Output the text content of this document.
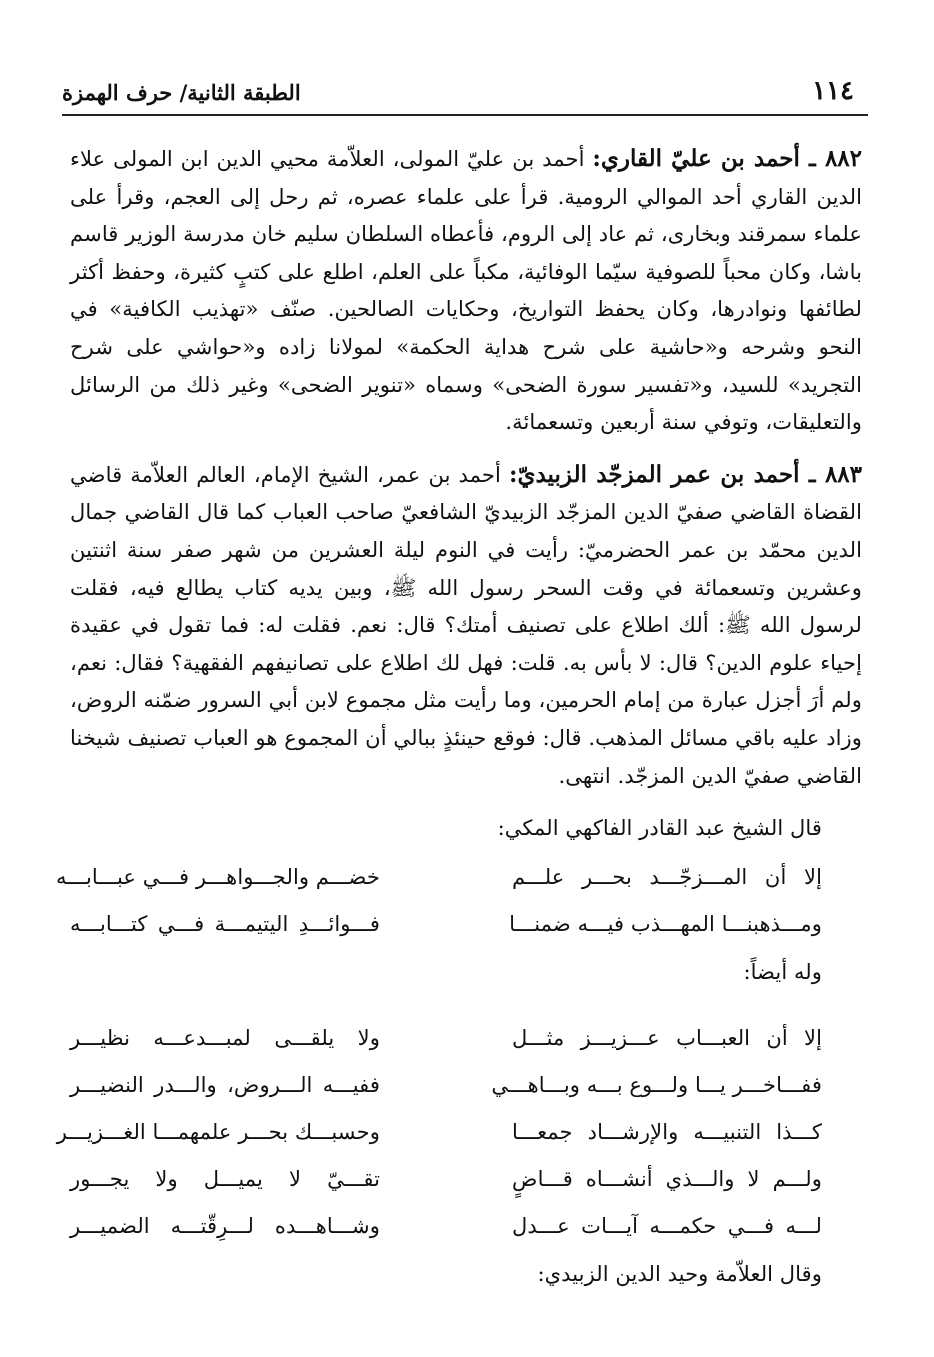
١١٤
الطبقة الثانية/ حرف الهمزة

٨٨٢ ـ أحمد بن عليّ القاري: أحمد بن عليّ المولى، العلاّمة محيي الدين ابن المولى علاء الدين القاري أحد الموالي الرومية. قرأ على علماء عصره، ثم رحل إلى العجم، وقرأ على علماء سمرقند وبخارى، ثم عاد إلى الروم، فأعطاه السلطان سليم خان مدرسة الوزير قاسم باشا، وكان محباً للصوفية سيّما الوفائية، مكباً على العلم، اطلع على كتبٍ كثيرة، وحفظ أكثر لطائفها ونوادرها، وكان يحفظ التواريخ، وحكايات الصالحين. صنّف «تهذيب الكافية» في النحو وشرحه و«حاشية على شرح هداية الحكمة» لمولانا زاده و«حواشي على شرح التجريد» للسيد، و«تفسير سورة الضحى» وسماه «تنوير الضحى» وغير ذلك من الرسائل والتعليقات، وتوفي سنة أربعين وتسعمائة.

٨٨٣ ـ أحمد بن عمر المزجّد الزبيديّ: أحمد بن عمر، الشيخ الإمام، العالم العلاّمة قاضي القضاة القاضي صفيّ الدين المزجّد الزبيديّ الشافعيّ صاحب العباب كما قال القاضي جمال الدين محمّد بن عمر الحضرميّ: رأيت في النوم ليلة العشرين من شهر صفر سنة اثنتين وعشرين وتسعمائة في وقت السحر رسول الله ﷺ، وبين يديه كتاب يطالع فيه، فقلت لرسول الله ﷺ: ألك اطلاع على تصنيف أمتك؟ قال: نعم. فقلت له: فما تقول في عقيدة إحياء علوم الدين؟ قال: لا بأس به. قلت: فهل لك اطلاع على تصانيفهم الفقهية؟ فقال: نعم، ولم أرَ أجزل عبارة من إمام الحرمين، وما رأيت مثل مجموع لابن أبي السرور ضمّنه الروض، وزاد عليه باقي مسائل المذهب. قال: فوقع حينئذٍ ببالي أن المجموع هو العباب تصنيف شيخنا القاضي صفيّ الدين المزجّد. انتهى.

قال الشيخ عبد القادر الفاكهي المكي:
إلا أن المـــزجّـــد بحـــر علـــم
خضـــم والجـــواهـــر فـــي عبـــابـــه
ومـــذهبنـــا المهـــذب فيـــه ضمنـــا
فـــوائـــدِ اليتيمـــة فـــي كتـــابـــه
وله أيضاً:
إلا أن العبـــاب عـــزيـــز مثـــل
ولا يلقـــى لمبـــدعـــه نظيـــر
ففـــاخـــر يـــا ولـــوع بـــه وبـــاهـــي
ففيـــه الـــروض، والـــدر النضيـــر
كـــذا التنبيـــه والإرشـــاد جمعـــا
وحسبـــك بحـــر علمهمـــا الغـــزيـــر
ولـــم لا والـــذي أنشـــاه قـــاضٍ
تقـــيّ لا يميـــل ولا يجـــور
لـــه فـــي حكمـــه آيـــات عـــدل
وشـــاهـــده لـــرِقّتـــه الضميـــر
وقال العلاّمة وحيد الدين الزبيدي:
